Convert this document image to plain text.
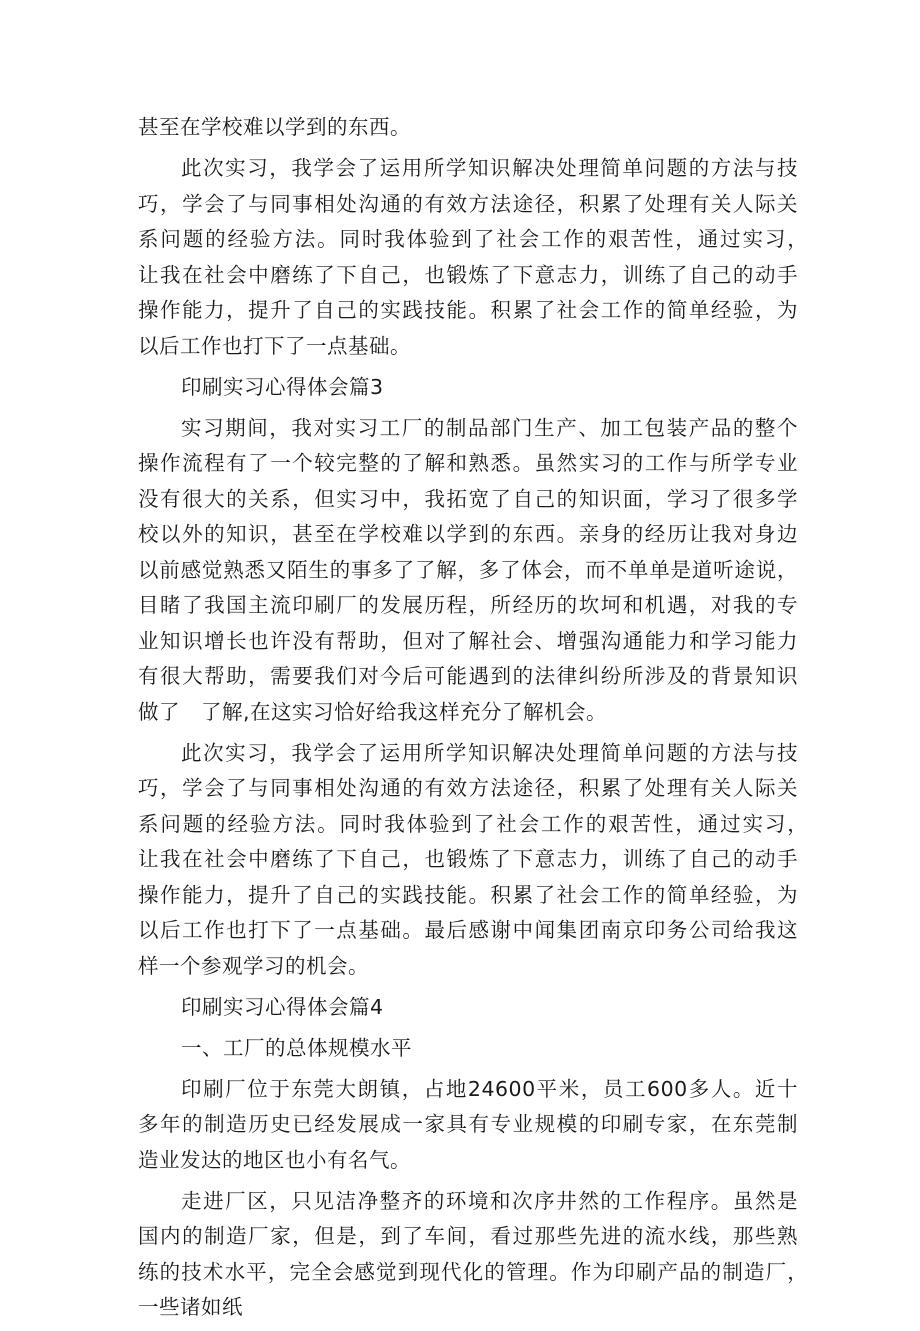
甚至在学校难以学到的东西。

此次实习，我学会了运用所学知识解决处理简单问题的方法与技　　巧，学会了与同事相处沟通的有效方法途径，积累了处理有关人际关　系问题的经验方法。同时我体验到了社会工作的艰苦性，通过实习，　让我在社会中磨练了下自己，也锻炼了下意志力，训练了自己的动手　操作能力，提升了自己的实践技能。积累了社会工作的简单经验，为　以后工作也打下了一点基础。

印刷实习心得体会篇3

实习期间，我对实习工厂的制品部门生产、加工包装产品的整个　操作流程有了一个较完整的了解和熟悉。虽然实习的工作与所学专业　没有很大的关系，但实习中，我拓宽了自己的知识面，学习了很多学　校以外的知识，甚至在学校难以学到的东西。亲身的经历让我对身边　以前感觉熟悉又陌生的事多了了解，多了体会，而不单单是道听途说，目睹了我国主流印刷厂的发展历程，所经历的坎坷和机遇，对我的专　业知识增长也许没有帮助，但对了解社会、增强沟通能力和学习能力　有很大帮助，需要我们对今后可能遇到的法律纠纷所涉及的背景知识　做了　了解,在这实习恰好给我这样充分了解机会。

此次实习，我学会了运用所学知识解决处理简单问题的方法与技　　巧，学会了与同事相处沟通的有效方法途径，积累了处理有关人际关　系问题的经验方法。同时我体验到了社会工作的艰苦性，通过实习，　让我在社会中磨练了下自己，也锻炼了下意志力，训练了自己的动手　操作能力，提升了自己的实践技能。积累了社会工作的简单经验，为　以后工作也打下了一点基础。最后感谢中闻集团南京印务公司给我这　样一个参观学习的机会。

印刷实习心得体会篇4

一、工厂的总体规模水平

印刷厂位于东莞大朗镇，占地24600平米，员工600多人。近十　多年的制造历史已经发展成一家具有专业规模的印刷专家，在东莞制　造业发达的地区也小有名气。

走进厂区，只见洁净整齐的环境和次序井然的工作程序。虽然是　国内的制造厂家，但是，到了车间，看过那些先进的流水线，那些熟　练的技术水平，完全会感觉到现代化的管理。作为印刷产品的制造厂，　一些诸如纸
